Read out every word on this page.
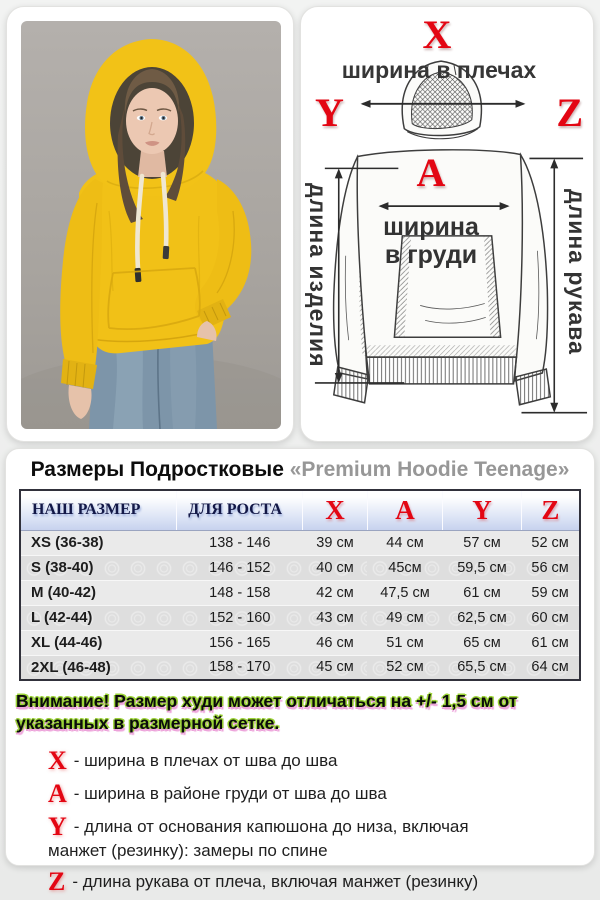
X
ширина в плечах
Y	Z
A
ширина
в груди
длина изделия	длина рукава
Размеры Подростковые «Premium Hoodie Teenage»
НАШ РАЗМЕР	ДЛЯ РОСТА	X	A	Y	Z
XS (36-38)	138 - 146	39 см	44 см	57 см	52 см
S (38-40)	146 - 152	40 см	45см	59,5 см	56 см
M (40-42)	148 - 158	42 см	47,5 см	61 см	59 см
L (42-44)	152 - 160	43 см	49 см	62,5 см	60 см
XL (44-46)	156 - 165	46 см	51 см	65 см	61 см
2XL (46-48)	158 - 170	45 см	52 см	65,5 см	64 см
Внимание! Размер худи может отличаться на +/- 1,5 см от указанных в размерной сетке.

X - ширина в плечах от шва до шва

A - ширина в районе груди от шва до шва

Y - длина от основания капюшона до низа, включая манжет (резинку): замеры по спине

Z - длина рукава от плеча, включая манжет (резинку)
